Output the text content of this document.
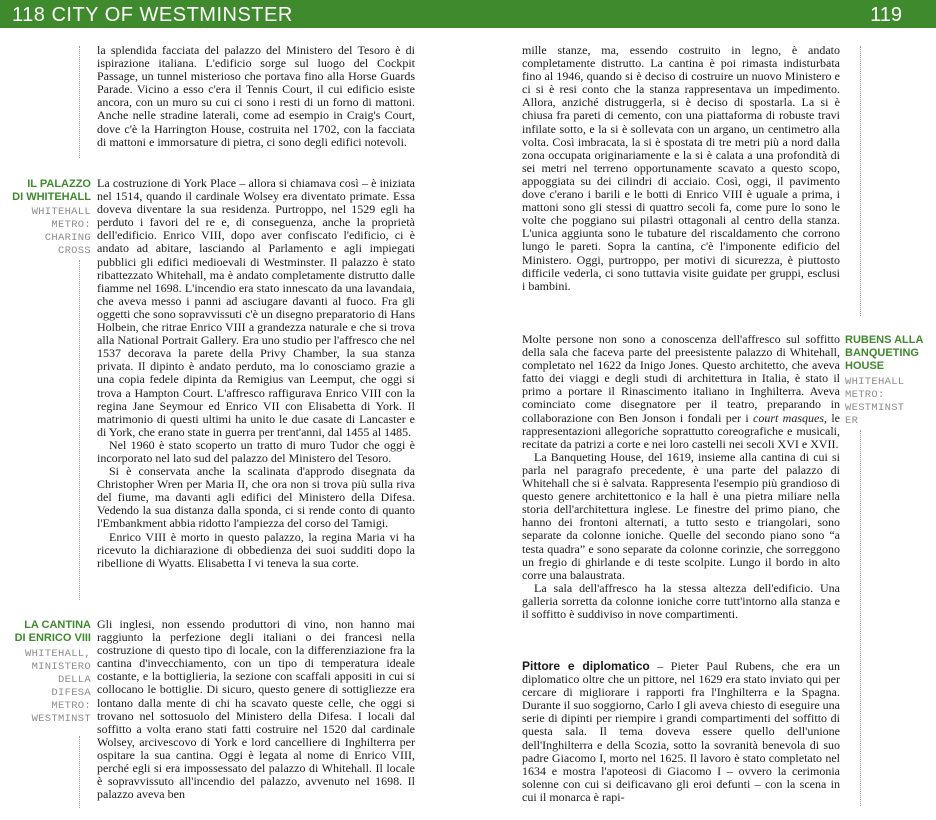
118 CITY OF WESTMINSTER	119
IL PALAZZO
DI WHITEHALL
WHITEHALL
METRO:
CHARING
CROSS
LA CANTINA
DI ENRICO VIII
WHITEHALL,
MINISTERO
DELLA
DIFESA
METRO:
WESTMINST

la splendida facciata del palazzo del Ministero del Tesoro è di ispirazione italiana. L'edificio sorge sul luogo del Cockpit Passage, un tunnel misterioso che portava fino alla Horse Guards Parade. Vicino a esso c'era il Tennis Court, il cui edificio esiste ancora, con un muro su cui ci sono i resti di un forno di mattoni. Anche nelle stradine laterali, come ad esempio in Craig's Court, dove c'è la Harrington House, costruita nel 1702, con la facciata di mattoni e immorsature di pietra, ci sono degli edifici notevoli.

La costruzione di York Place – allora si chiamava così – è iniziata nel 1514, quando il cardinale Wolsey era diventato primate. Essa doveva diventare la sua residenza. Purtroppo, nel 1529 egli ha perduto i favori del re e, di conseguenza, anche la proprietà dell'edificio. Enrico VIII, dopo aver confiscato l'edificio, ci è andato ad abitare, lasciando al Parlamento e agli impiegati pubblici gli edifici medioevali di Westminster. Il palazzo è stato ribattezzato Whitehall, ma è andato completamente distrutto dalle fiamme nel 1698. L'incendio era stato innescato da una lavandaia, che aveva messo i panni ad asciugare davanti al fuoco. Fra gli oggetti che sono sopravvissuti c'è un disegno preparatorio di Hans Holbein, che ritrae Enrico VIII a grandezza naturale e che si trova alla National Portrait Gallery. Era uno studio per l'affresco che nel 1537 decorava la parete della Privy Chamber, la sua stanza privata. Il dipinto è andato perduto, ma lo conosciamo grazie a una copia fedele dipinta da Remigius van Leemput, che oggi si trova a Hampton Court. L'affresco raffigurava Enrico VIII con la regina Jane Seymour ed Enrico VII con Elisabetta di York. Il matrimonio di questi ultimi ha unito le due casate di Lancaster e di York, che erano state in guerra per trent'anni, dal 1455 al 1485.

Nel 1960 è stato scoperto un tratto di muro Tudor che oggi è incorporato nel lato sud del palazzo del Ministero del Tesoro.

Si è conservata anche la scalinata d'approdo disegnata da Christopher Wren per Maria II, che ora non si trova più sulla riva del fiume, ma davanti agli edifici del Ministero della Difesa. Vedendo la sua distanza dalla sponda, ci si rende conto di quanto l'Embankment abbia ridotto l'ampiezza del corso del Tamigi.

Enrico VIII è morto in questo palazzo, la regina Maria vi ha ricevuto la dichiarazione di obbedienza dei suoi sudditi dopo la ribellione di Wyatts. Elisabetta I vi teneva la sua corte.

Gli inglesi, non essendo produttori di vino, non hanno mai raggiunto la perfezione degli italiani o dei francesi nella costruzione di questo tipo di locale, con la differenziazione fra la cantina d'invecchiamento, con un tipo di temperatura ideale costante, e la bottiglieria, la sezione con scaffali appositi in cui si collocano le bottiglie. Di sicuro, questo genere di sottigliezze era lontano dalla mente di chi ha scavato queste celle, che oggi si trovano nel sottosuolo del Ministero della Difesa. I locali dal soffitto a volta erano stati fatti costruire nel 1520 dal cardinale Wolsey, arcivescovo di York e lord cancelliere di Inghilterra per ospitare la sua cantina. Oggi è legata al nome di Enrico VIII, perché egli si era impossessato del palazzo di Whitehall. Il locale è sopravvissuto all'incendio del palazzo, avvenuto nel 1698. Il palazzo aveva ben

mille stanze, ma, essendo costruito in legno, è andato completamente distrutto. La cantina è poi rimasta indisturbata fino al 1946, quando si è deciso di costruire un nuovo Ministero e ci si è resi conto che la stanza rappresentava un impedimento. Allora, anziché distruggerla, si è deciso di spostarla. La si è chiusa fra pareti di cemento, con una piattaforma di robuste travi infilate sotto, e la si è sollevata con un argano, un centimetro alla volta. Così imbracata, la si è spostata di tre metri più a nord dalla zona occupata originariamente e la si è calata a una profondità di sei metri nel terreno opportunamente scavato a questo scopo, appoggiata su dei cilindri di acciaio. Così, oggi, il pavimento dove c'erano i barili e le botti di Enrico VIII è uguale a prima, i mattoni sono gli stessi di quattro secoli fa, come pure lo sono le volte che poggiano sui pilastri ottagonali al centro della stanza. L'unica aggiunta sono le tubature del riscaldamento che corrono lungo le pareti. Sopra la cantina, c'è l'imponente edificio del Ministero. Oggi, purtroppo, per motivi di sicurezza, è piuttosto difficile vederla, ci sono tuttavia visite guidate per gruppi, esclusi i bambini.

RUBENS ALLA
BANQUETING
HOUSE
WHITEHALL
METRO:
WESTMINST
ER

Molte persone non sono a conoscenza dell'affresco sul soffitto della sala che faceva parte del preesistente palazzo di Whitehall, completato nel 1622 da Inigo Jones. Questo architetto, che aveva fatto dei viaggi e degli studi di architettura in Italia, è stato il primo a portare il Rinascimento italiano in Inghilterra. Aveva cominciato come disegnatore per il teatro, preparando in collaborazione con Ben Jonson i fondali per i court masques, le rappresentazioni allegoriche soprattutto coreografiche e musicali, recitate da patrizi a corte e nei loro castelli nei secoli XVI e XVII.

La Banqueting House, del 1619, insieme alla cantina di cui si parla nel paragrafo precedente, è una parte del palazzo di Whitehall che si è salvata. Rappresenta l'esempio più grandioso di questo genere architettonico e la hall è una pietra miliare nella storia dell'architettura inglese. Le finestre del primo piano, che hanno dei frontoni alternati, a tutto sesto e triangolari, sono separate da colonne ioniche. Quelle del secondo piano sono “a testa quadra” e sono separate da colonne corinzie, che sorreggono un fregio di ghirlande e di teste scolpite. Lungo il bordo in alto corre una balaustrata.

La sala dell'affresco ha la stessa altezza dell'edificio. Una galleria sorretta da colonne ioniche corre tutt'intorno alla stanza e il soffitto è suddiviso in nove compartimenti.

Pittore e diplomatico – Pieter Paul Rubens, che era un diplomatico oltre che un pittore, nel 1629 era stato inviato qui per cercare di migliorare i rapporti fra l'Inghilterra e la Spagna. Durante il suo soggiorno, Carlo I gli aveva chiesto di eseguire una serie di dipinti per riempire i grandi compartimenti del soffitto di questa sala. Il tema doveva essere quello dell'unione dell'Inghilterra e della Scozia, sotto la sovranità benevola di suo padre Giacomo I, morto nel 1625. Il lavoro è stato completato nel 1634 e mostra l'apoteosi di Giacomo I – ovvero la cerimonia solenne con cui si deificavano gli eroi defunti – con la scena in cui il monarca è rapi-
